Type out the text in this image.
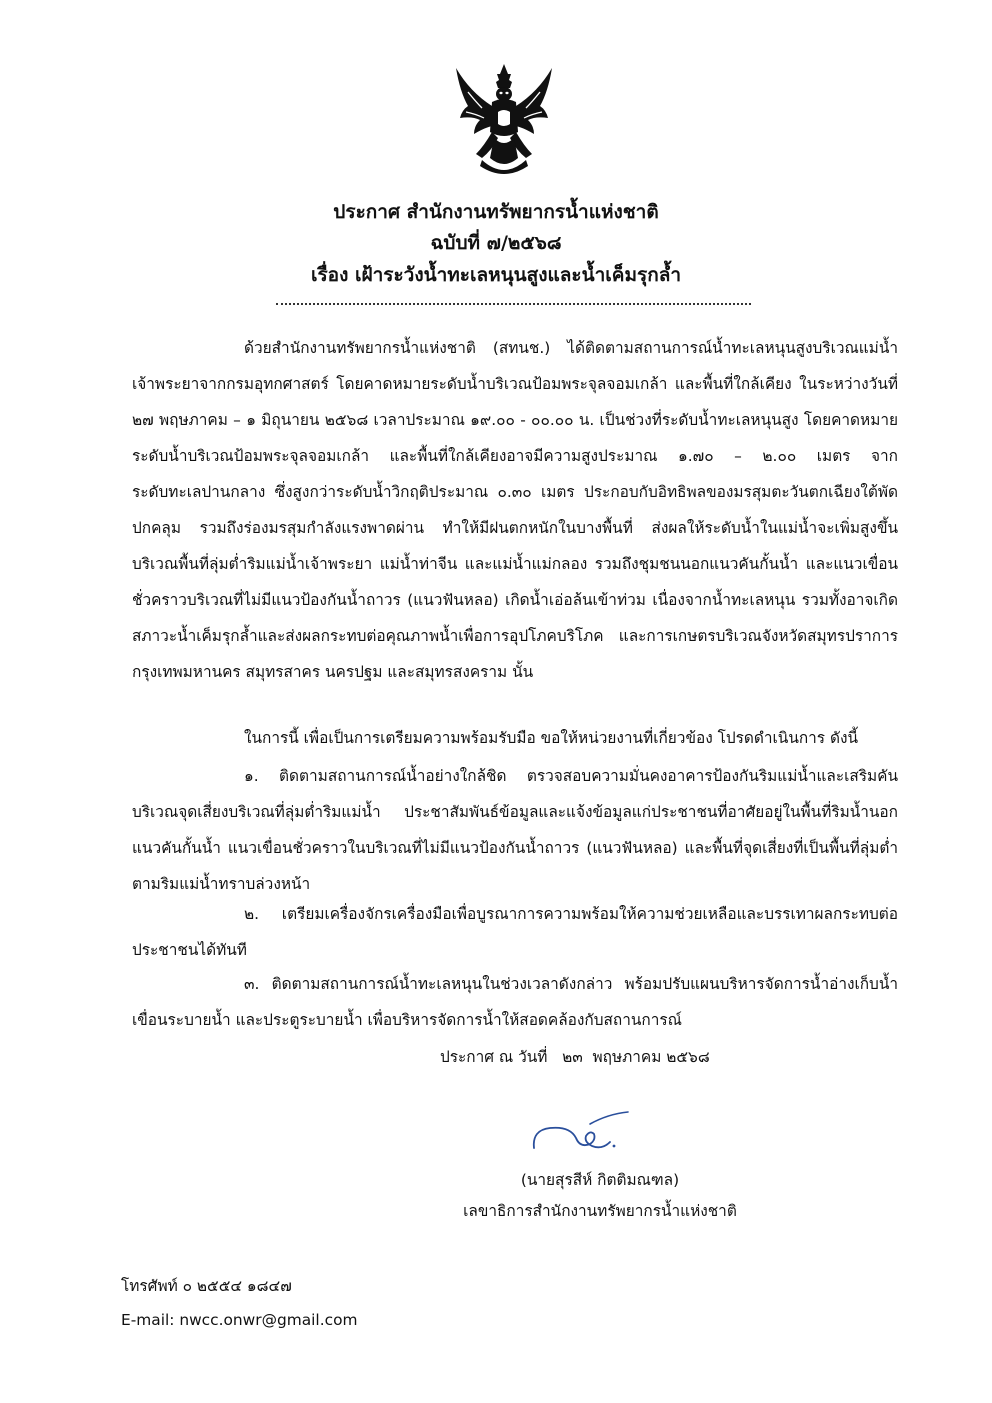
ประกาศ สำนักงานทรัพยากรน้ำแห่งชาติ
ฉบับที่ ๗/๒๕๖๘
เรื่อง เฝ้าระวังน้ำทะเลหนุนสูงและน้ำเค็มรุกล้ำ

ด้วยสำนักงานทรัพยากรน้ำแห่งชาติ (สทนช.) ได้ติดตามสถานการณ์น้ำทะเลหนุนสูงบริเวณแม่น้ำเจ้าพระยาจากกรมอุทกศาสตร์ โดยคาดหมายระดับน้ำบริเวณป้อมพระจุลจอมเกล้า และพื้นที่ใกล้เคียง ในระหว่างวันที่ ๒๗ พฤษภาคม – ๑ มิถุนายน ๒๕๖๘ เวลาประมาณ ๑๙.๐๐ - ๐๐.๐๐ น. เป็นช่วงที่ระดับน้ำทะเลหนุนสูง โดยคาดหมายระดับน้ำบริเวณป้อมพระจุลจอมเกล้า และพื้นที่ใกล้เคียงอาจมีความสูงประมาณ ๑.๗๐ – ๒.๐๐ เมตร จากระดับทะเลปานกลาง ซึ่งสูงกว่าระดับน้ำวิกฤติประมาณ ๐.๓๐ เมตร ประกอบกับอิทธิพลของมรสุมตะวันตกเฉียงใต้พัดปกคลุม รวมถึงร่องมรสุมกำลังแรงพาดผ่าน ทำให้มีฝนตกหนักในบางพื้นที่ ส่งผลให้ระดับน้ำในแม่น้ำจะเพิ่มสูงขึ้น บริเวณพื้นที่ลุ่มต่ำริมแม่น้ำเจ้าพระยา แม่น้ำท่าจีน และแม่น้ำแม่กลอง รวมถึงชุมชนนอกแนวคันกั้นน้ำ และแนวเขื่อนชั่วคราวบริเวณที่ไม่มีแนวป้องกันน้ำถาวร (แนวฟันหลอ) เกิดน้ำเอ่อล้นเข้าท่วม เนื่องจากน้ำทะเลหนุน รวมทั้งอาจเกิดสภาวะน้ำเค็มรุกล้ำและส่งผลกระทบต่อคุณภาพน้ำเพื่อการอุปโภคบริโภค และการเกษตรบริเวณจังหวัดสมุทรปราการ กรุงเทพมหานคร สมุทรสาคร นครปฐม และสมุทรสงคราม นั้น

ในการนี้ เพื่อเป็นการเตรียมความพร้อมรับมือ ขอให้หน่วยงานที่เกี่ยวข้อง โปรดดำเนินการ ดังนี้

๑. ติดตามสถานการณ์น้ำอย่างใกล้ชิด ตรวจสอบความมั่นคงอาคารป้องกันริมแม่น้ำและเสริมคันบริเวณจุดเสี่ยงบริเวณที่ลุ่มต่ำริมแม่น้ำ ประชาสัมพันธ์ข้อมูลและแจ้งข้อมูลแก่ประชาชนที่อาศัยอยู่ในพื้นที่ริมน้ำนอกแนวคันกั้นน้ำ แนวเขื่อนชั่วคราวในบริเวณที่ไม่มีแนวป้องกันน้ำถาวร (แนวฟันหลอ) และพื้นที่จุดเสี่ยงที่เป็นพื้นที่ลุ่มต่ำตามริมแม่น้ำทราบล่วงหน้า

๒. เตรียมเครื่องจักรเครื่องมือเพื่อบูรณาการความพร้อมให้ความช่วยเหลือและบรรเทาผลกระทบต่อประชาชนได้ทันที

๓. ติดตามสถานการณ์น้ำทะเลหนุนในช่วงเวลาดังกล่าว พร้อมปรับแผนบริหารจัดการน้ำอ่างเก็บน้ำ เขื่อนระบายน้ำ และประตูระบายน้ำ เพื่อบริหารจัดการน้ำให้สอดคล้องกับสถานการณ์

ประกาศ ณ วันที่   ๒๓  พฤษภาคม ๒๕๖๘
(นายสุรสีห์ กิตติมณฑล)
เลขาธิการสำนักงานทรัพยากรน้ำแห่งชาติ
โทรศัพท์ ๐ ๒๕๕๔ ๑๘๔๗
E-mail: nwcc.onwr@gmail.com
